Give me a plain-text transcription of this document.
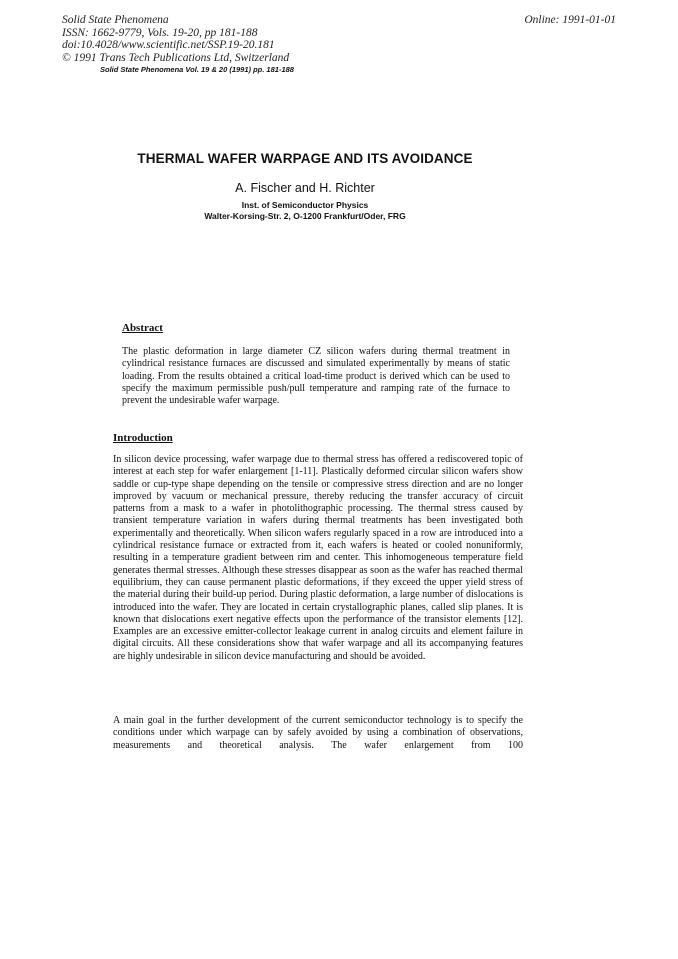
Solid State Phenomena
ISSN: 1662-9779, Vols. 19-20, pp 181-188
doi:10.4028/www.scientific.net/SSP.19-20.181
© 1991 Trans Tech Publications Ltd, Switzerland
Online: 1991-01-01
Solid State Phenomena Vol. 19 & 20 (1991) pp. 181-188
THERMAL WAFER WARPAGE AND ITS AVOIDANCE
A. Fischer and H. Richter
Inst. of Semiconductor Physics
Walter-Korsing-Str. 2, O-1200 Frankfurt/Oder, FRG
Abstract
The plastic deformation in large diameter CZ silicon wafers during thermal treatment in cylindrical resistance furnaces are discussed and simulated experimentally by means of static loading. From the results obtained a critical load-time product is derived which can be used to specify the maximum permissible push/pull temperature and ramping rate of the furnace to prevent the undesirable wafer warpage.
Introduction
In silicon device processing, wafer warpage due to thermal stress has offered a rediscovered topic of interest at each step for wafer enlargement [1-11]. Plastically deformed circular silicon wafers show saddle or cup-type shape depending on the tensile or compressive stress direction and are no longer improved by vacuum or mechanical pressure, thereby reducing the transfer accuracy of circuit patterns from a mask to a wafer in photolithographic processing. The thermal stress caused by transient temperature variation in wafers during thermal treatments has been investigated both experimentally and theoretically. When silicon wafers regularly spaced in a row are introduced into a cylindrical resistance furnace or extracted from it, each wafers is heated or cooled nonuniformly, resulting in a temperature gradient between rim and center. This inhomogeneous temperature field generates thermal stresses. Although these stresses disappear as soon as the wafer has reached thermal equilibrium, they can cause permanent plastic deformations, if they exceed the upper yield stress of the material during their build-up period. During plastic deformation, a large number of dislocations is introduced into the wafer. They are located in certain crystallographic planes, called slip planes. It is known that dislocations exert negative effects upon the performance of the transistor elements [12]. Examples are an excessive emitter-collector leakage current in analog circuits and element failure in digital circuits. All these considerations show that wafer warpage and all its accompanying features are highly undesirable in silicon device manufacturing and should be avoided.
A main goal in the further development of the current semiconductor technology is to specify the conditions under which warpage can by safely avoided by using a combination of observations, measurements and theoretical analysis. The wafer enlargement from 100
